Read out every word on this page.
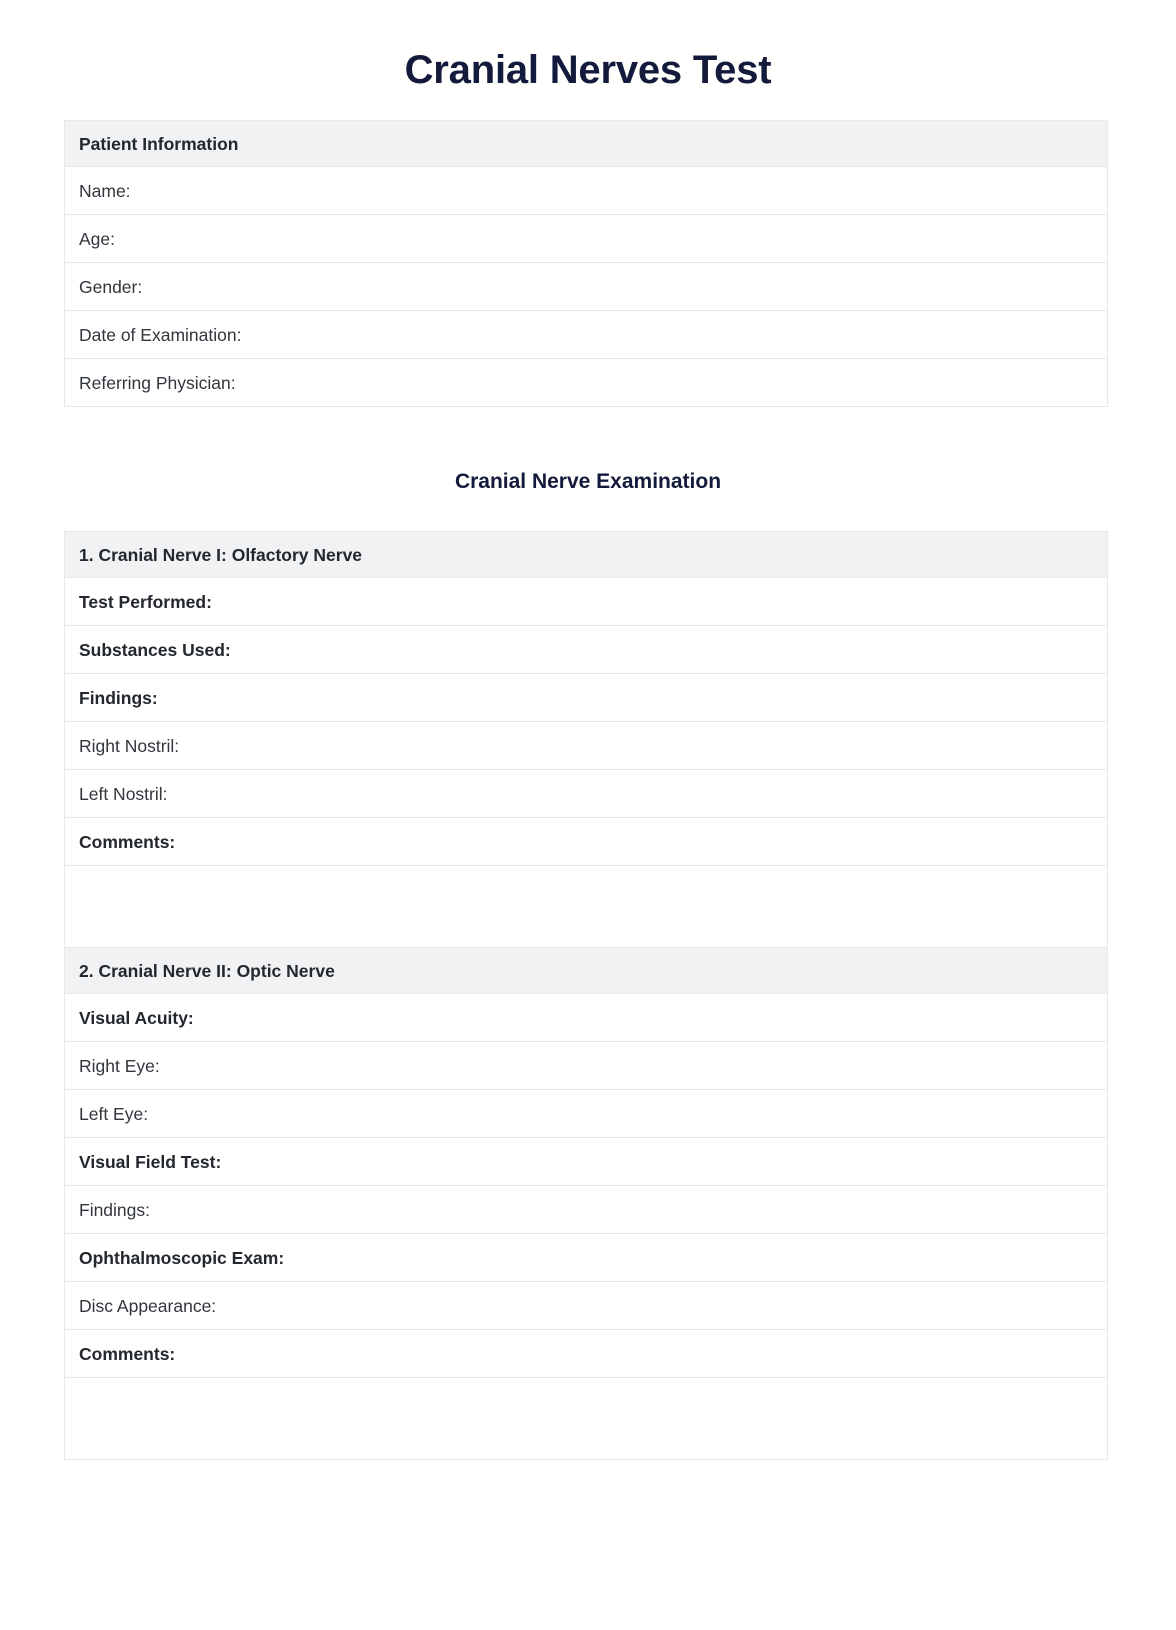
Cranial Nerves Test
Patient Information
Name:
Age:
Gender:
Date of Examination:
Referring Physician:
Cranial Nerve Examination
1. Cranial Nerve I: Olfactory Nerve
Test Performed:
Substances Used:
Findings:
Right Nostril:
Left Nostril:
Comments:

2. Cranial Nerve II: Optic Nerve
Visual Acuity:
Right Eye:
Left Eye:
Visual Field Test:
Findings:
Ophthalmoscopic Exam:
Disc Appearance:
Comments:
